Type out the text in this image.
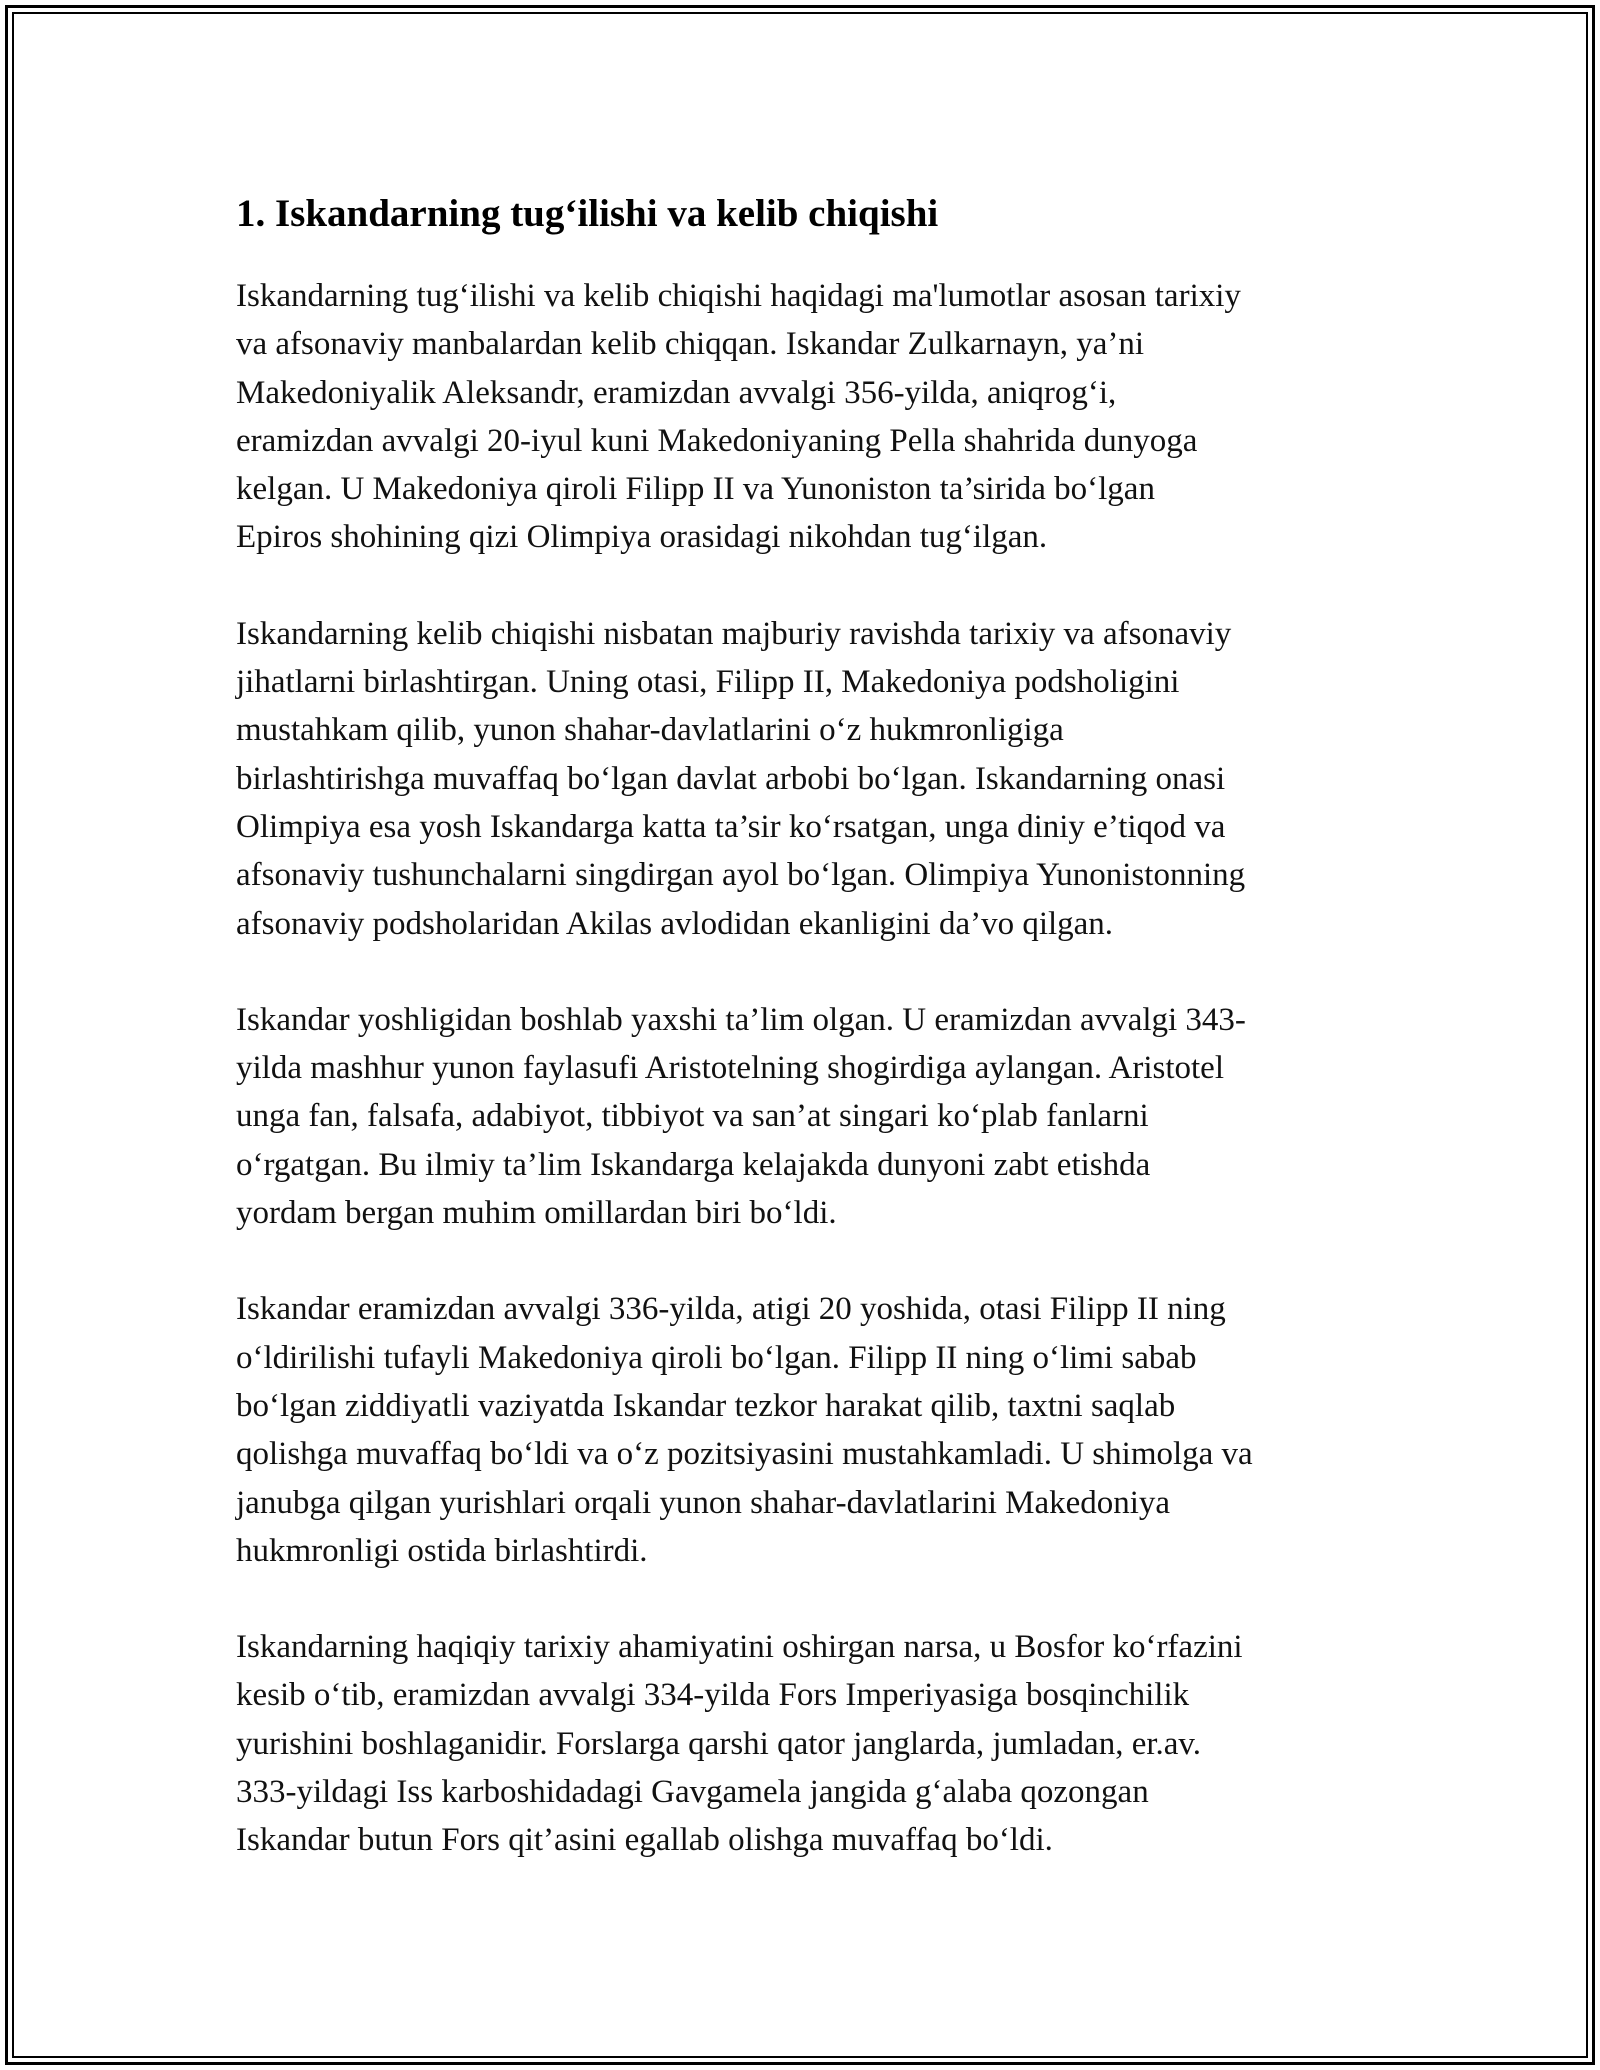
1. Iskandarning tug‘ilishi va kelib chiqishi

Iskandarning tug‘ilishi va kelib chiqishi haqidagi ma'lumotlar asosan tarixiy
va afsonaviy manbalardan kelib chiqqan. Iskandar Zulkarnayn, ya’ni
Makedoniyalik Aleksandr, eramizdan avvalgi 356-yilda, aniqrog‘i,
eramizdan avvalgi 20-iyul kuni Makedoniyaning Pella shahrida dunyoga
kelgan. U Makedoniya qiroli Filipp II va Yunoniston ta’sirida bo‘lgan
Epiros shohining qizi Olimpiya orasidagi nikohdan tug‘ilgan.

Iskandarning kelib chiqishi nisbatan majburiy ravishda tarixiy va afsonaviy
jihatlarni birlashtirgan. Uning otasi, Filipp II, Makedoniya podsholigini
mustahkam qilib, yunon shahar-davlatlarini o‘z hukmronligiga
birlashtirishga muvaffaq bo‘lgan davlat arbobi bo‘lgan. Iskandarning onasi
Olimpiya esa yosh Iskandarga katta ta’sir ko‘rsatgan, unga diniy e’tiqod va
afsonaviy tushunchalarni singdirgan ayol bo‘lgan. Olimpiya Yunonistonning
afsonaviy podsholaridan Akilas avlodidan ekanligini da’vo qilgan.

Iskandar yoshligidan boshlab yaxshi ta’lim olgan. U eramizdan avvalgi 343-
yilda mashhur yunon faylasufi Aristotelning shogirdiga aylangan. Aristotel
unga fan, falsafa, adabiyot, tibbiyot va san’at singari ko‘plab fanlarni
o‘rgatgan. Bu ilmiy ta’lim Iskandarga kelajakda dunyoni zabt etishda
yordam bergan muhim omillardan biri bo‘ldi.

Iskandar eramizdan avvalgi 336-yilda, atigi 20 yoshida, otasi Filipp II ning
o‘ldirilishi tufayli Makedoniya qiroli bo‘lgan. Filipp II ning o‘limi sabab
bo‘lgan ziddiyatli vaziyatda Iskandar tezkor harakat qilib, taxtni saqlab
qolishga muvaffaq bo‘ldi va o‘z pozitsiyasini mustahkamladi. U shimolga va
janubga qilgan yurishlari orqali yunon shahar-davlatlarini Makedoniya
hukmronligi ostida birlashtirdi.

Iskandarning haqiqiy tarixiy ahamiyatini oshirgan narsa, u Bosfor ko‘rfazini
kesib o‘tib, eramizdan avvalgi 334-yilda Fors Imperiyasiga bosqinchilik
yurishini boshlaganidir. Forslarga qarshi qator janglarda, jumladan, er.av.
333-yildagi Iss karboshidadagi Gavgamela jangida g‘alaba qozongan
Iskandar butun Fors qit’asini egallab olishga muvaffaq bo‘ldi.
